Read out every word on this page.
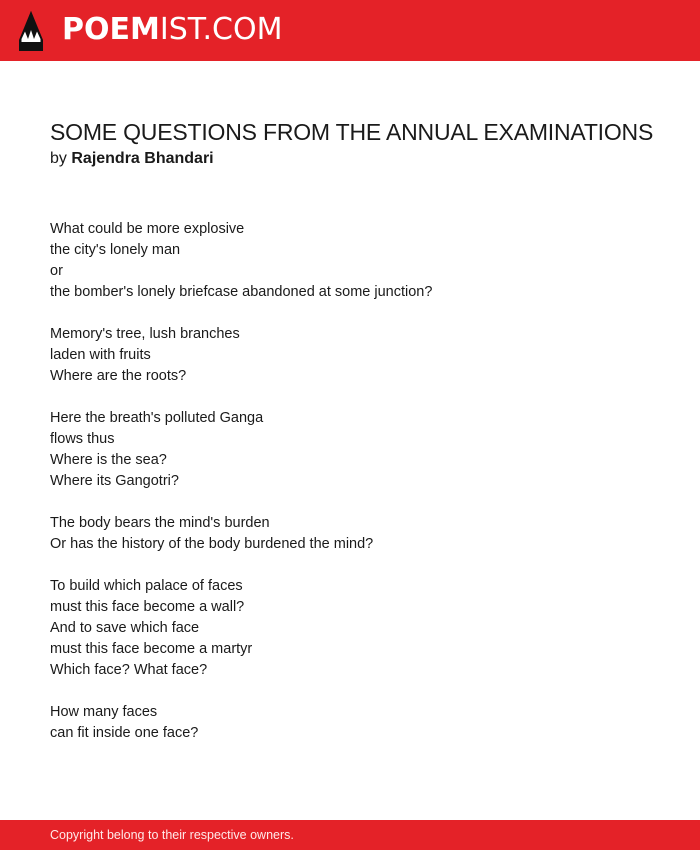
POEMIST.COM
SOME QUESTIONS FROM THE ANNUAL EXAMINATIONS
by Rajendra Bhandari
What could be more explosive
the city's lonely man
or
the bomber's lonely briefcase abandoned at some junction?
Memory's tree, lush branches
laden with fruits
Where are the roots?
Here the breath's polluted Ganga
flows thus
Where is the sea?
Where its Gangotri?
The body bears the mind's burden
Or has the history of the body burdened the mind?
To build which palace of faces
must this face become a wall?
And to save which face
must this face become a martyr
Which face? What face?
How many faces
can fit inside one face?
Copyright belong to their respective owners.
